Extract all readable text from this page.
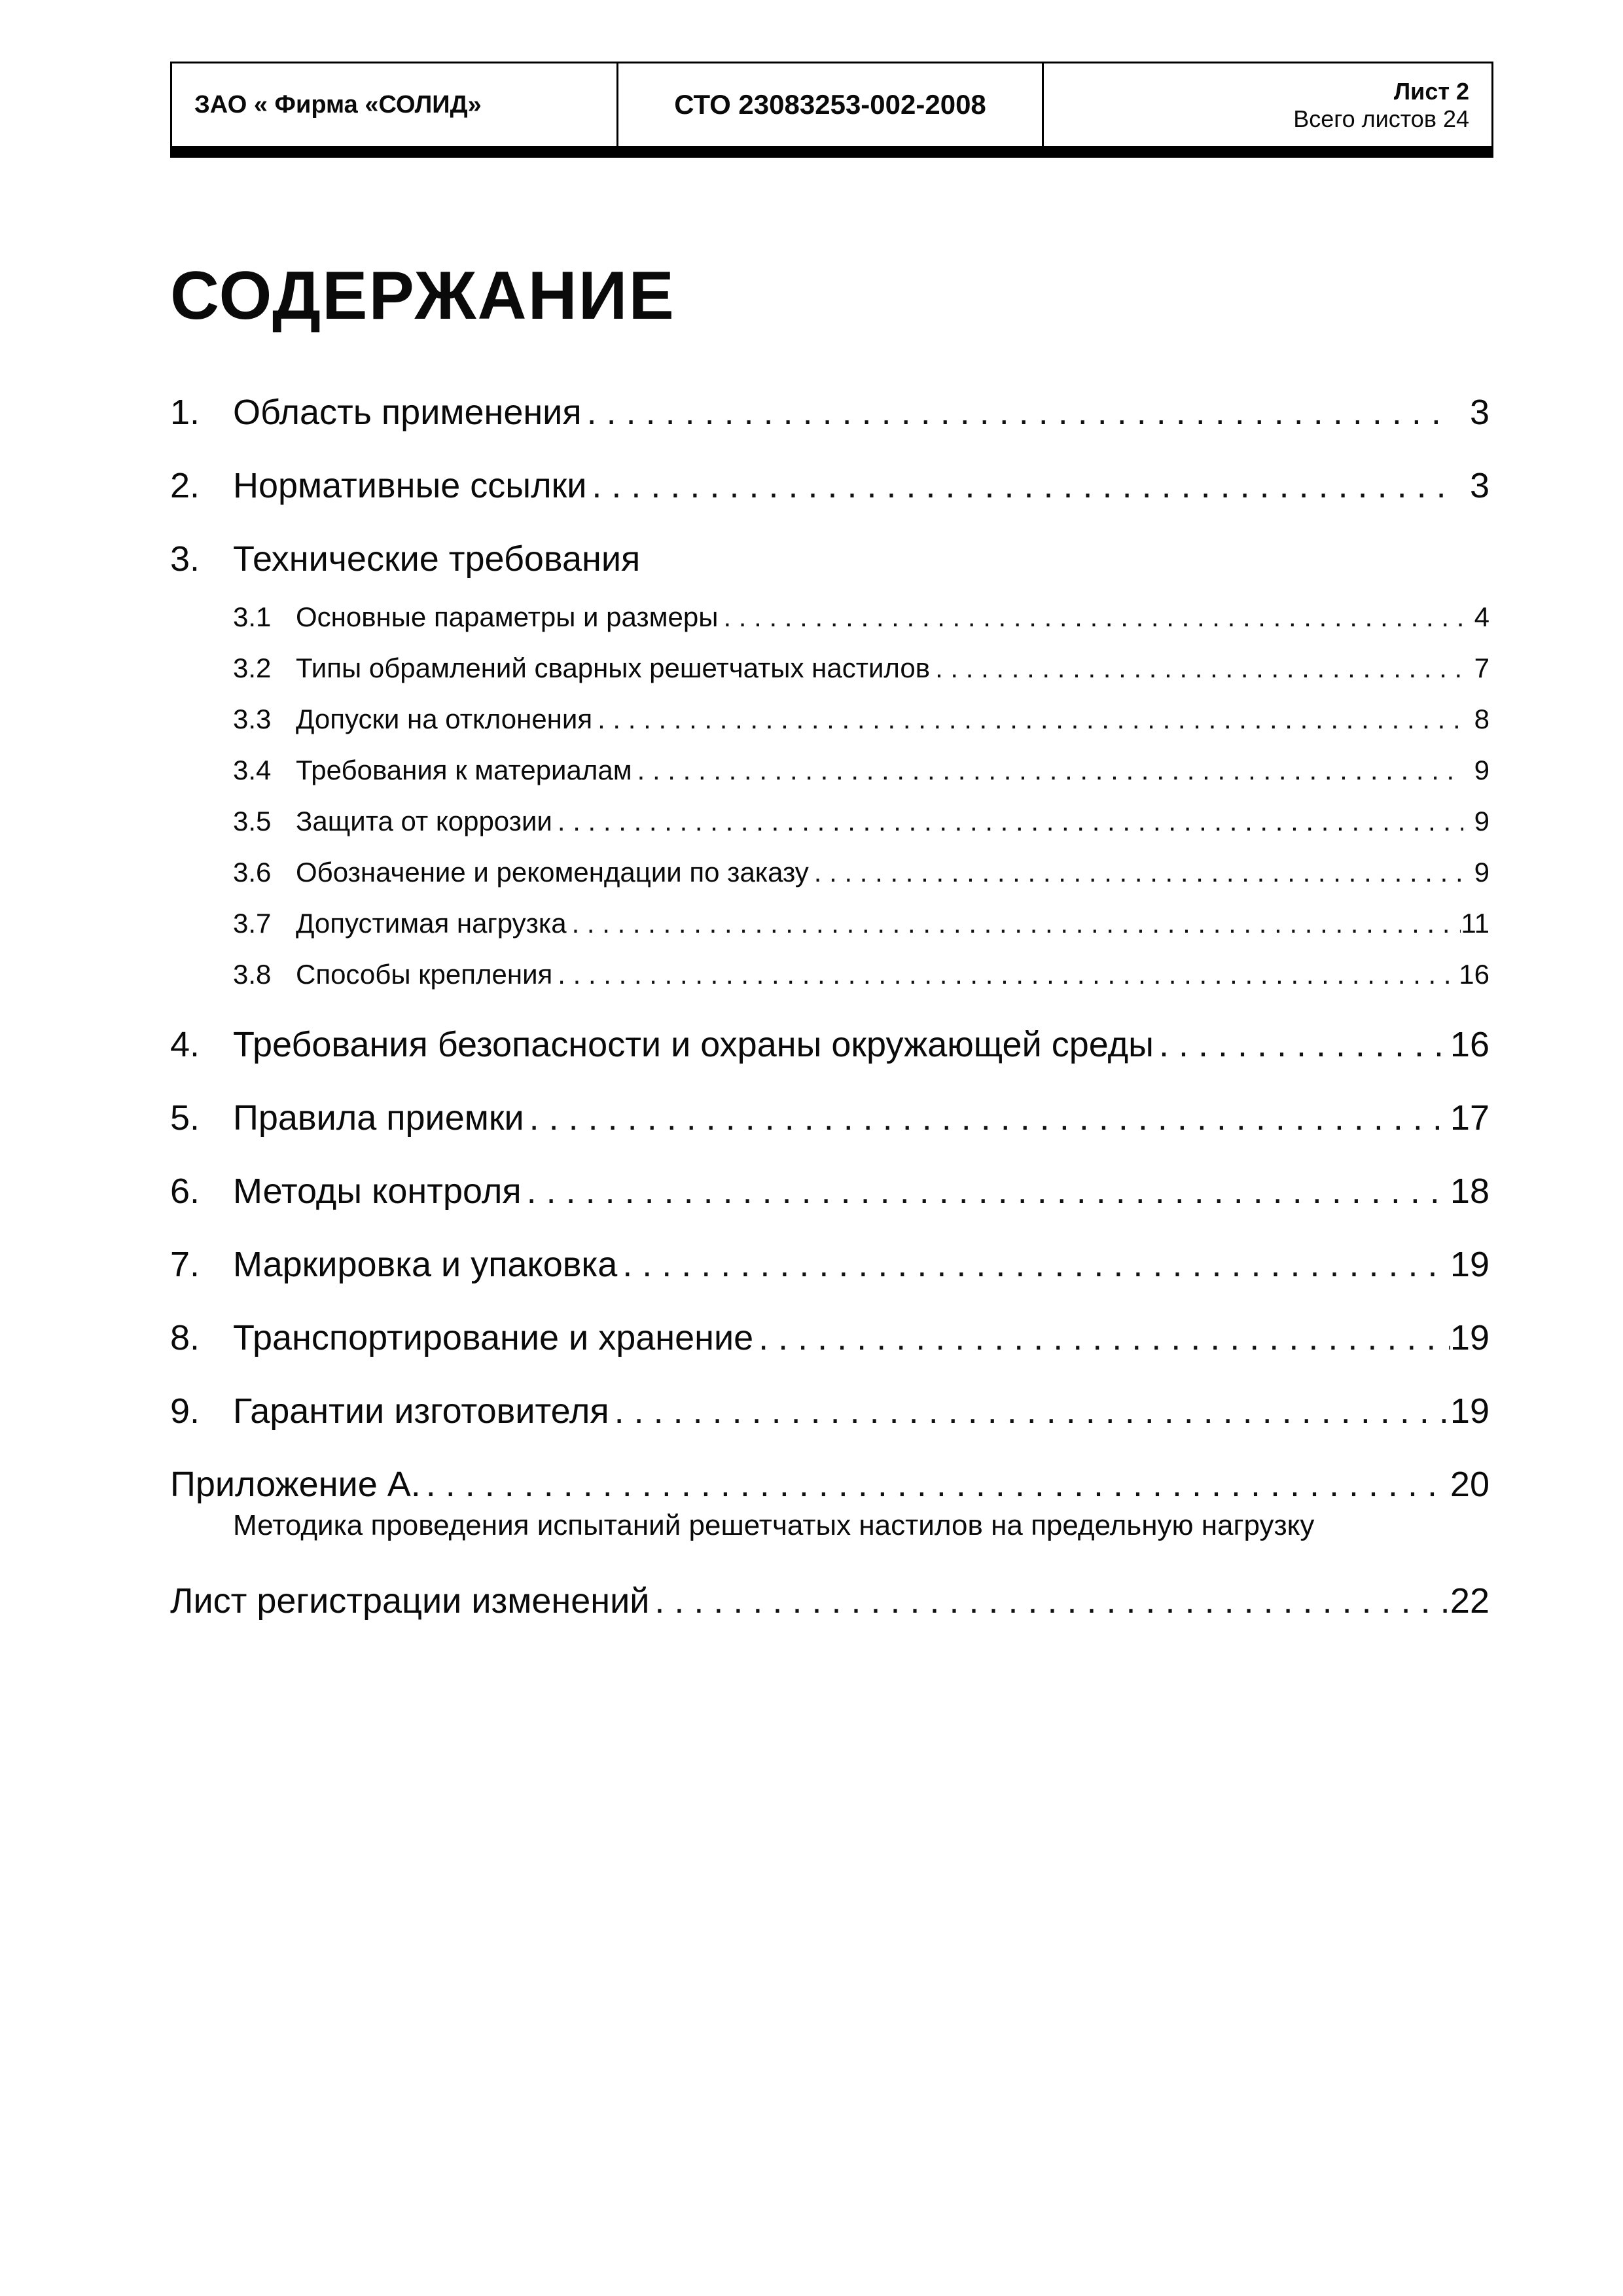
ЗАО « Фирма «СОЛИД»	СТО 23083253-002-2008	Лист 2
Всего листов 24
СОДЕРЖАНИЕ
1. Область применения . . .	3
2. Нормативные ссылки . . .	3
3. Технические требования
3.1 Основные параметры и размеры . . .	4
3.2 Типы обрамлений сварных решетчатых настилов . . .	7
3.3 Допуски на отклонения . . .	8
3.4 Требования к материалам . . .	9
3.5 Защита от коррозии . . .	9
3.6 Обозначение и рекомендации по заказу . . .	9
3.7 Допустимая нагрузка . . .	11
3.8 Способы крепления . . .	16
4. Требования безопасности и охраны окружающей среды . . .	16
5. Правила приемки . . .	17
6. Методы контроля . . .	18
7. Маркировка и упаковка . . .	19
8. Транспортирование и хранение . . .	19
9. Гарантии изготовителя . . .	19
Приложение А. . . .	20
Методика проведения испытаний решетчатых настилов на предельную нагрузку
Лист регистрации изменений . . .	22
